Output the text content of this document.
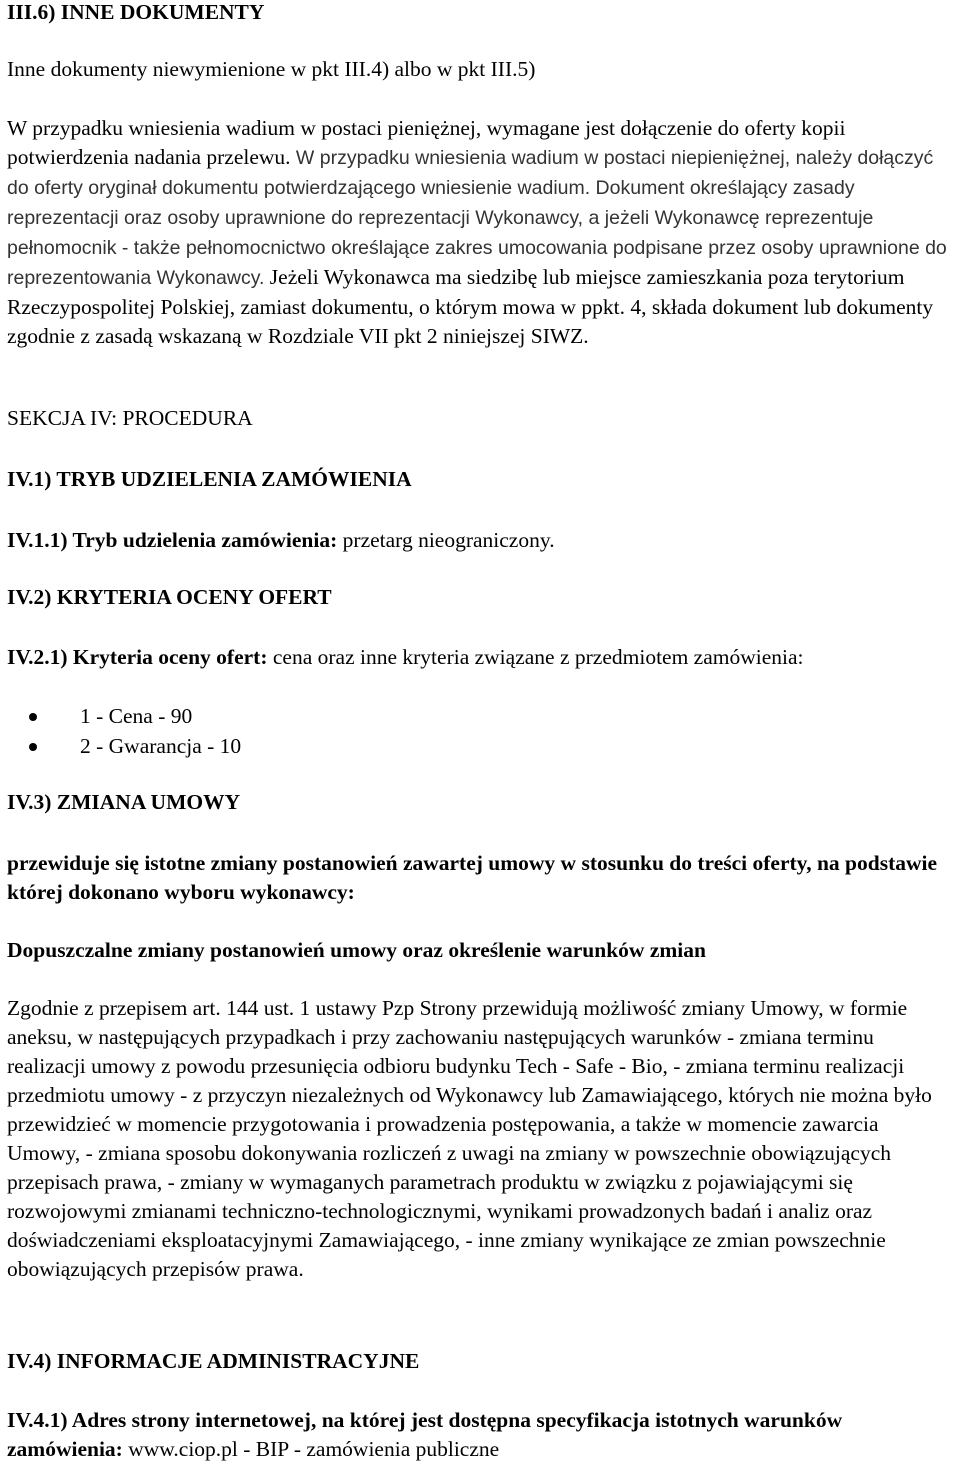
III.6) INNE DOKUMENTY

Inne dokumenty niewymienione w pkt III.4) albo w pkt III.5)

W przypadku wniesienia wadium w postaci pieniężnej, wymagane jest dołączenie do oferty kopii potwierdzenia nadania przelewu. W przypadku wniesienia wadium w postaci niepieniężnej, należy dołączyć do oferty oryginał dokumentu potwierdzającego wniesienie wadium. Dokument określający zasady reprezentacji oraz osoby uprawnione do reprezentacji Wykonawcy, a jeżeli Wykonawcę reprezentuje pełnomocnik - także pełnomocnictwo określające zakres umocowania podpisane przez osoby uprawnione do reprezentowania Wykonawcy. Jeżeli Wykonawca ma siedzibę lub miejsce zamieszkania poza terytorium Rzeczypospolitej Polskiej, zamiast dokumentu, o którym mowa w ppkt. 4, składa dokument lub dokumenty zgodnie z zasadą wskazaną w Rozdziale VII pkt 2 niniejszej SIWZ.

SEKCJA IV: PROCEDURA

IV.1) TRYB UDZIELENIA ZAMÓWIENIA

IV.1.1) Tryb udzielenia zamówienia: przetarg nieograniczony.

IV.2) KRYTERIA OCENY OFERT

IV.2.1) Kryteria oceny ofert: cena oraz inne kryteria związane z przedmiotem zamówienia:

1 - Cena - 90
2 - Gwarancja - 10

IV.3) ZMIANA UMOWY

przewiduje się istotne zmiany postanowień zawartej umowy w stosunku do treści oferty, na podstawie której dokonano wyboru wykonawcy:

Dopuszczalne zmiany postanowień umowy oraz określenie warunków zmian

Zgodnie z przepisem art. 144 ust. 1 ustawy Pzp Strony przewidują możliwość zmiany Umowy, w formie aneksu, w następujących przypadkach i przy zachowaniu następujących warunków - zmiana terminu realizacji umowy z powodu przesunięcia odbioru budynku Tech - Safe - Bio, - zmiana terminu realizacji przedmiotu umowy - z przyczyn niezależnych od Wykonawcy lub Zamawiającego, których nie można było przewidzieć w momencie przygotowania i prowadzenia postępowania, a także w momencie zawarcia Umowy, - zmiana sposobu dokonywania rozliczeń z uwagi na zmiany w powszechnie obowiązujących przepisach prawa, - zmiany w wymaganych parametrach produktu w związku z pojawiającymi się rozwojowymi zmianami techniczno-technologicznymi, wynikami prowadzonych badań i analiz oraz doświadczeniami eksploatacyjnymi Zamawiającego, - inne zmiany wynikające ze zmian powszechnie obowiązujących przepisów prawa.

IV.4) INFORMACJE ADMINISTRACYJNE

IV.4.1) Adres strony internetowej, na której jest dostępna specyfikacja istotnych warunków zamówienia: www.ciop.pl - BIP - zamówienia publiczne
